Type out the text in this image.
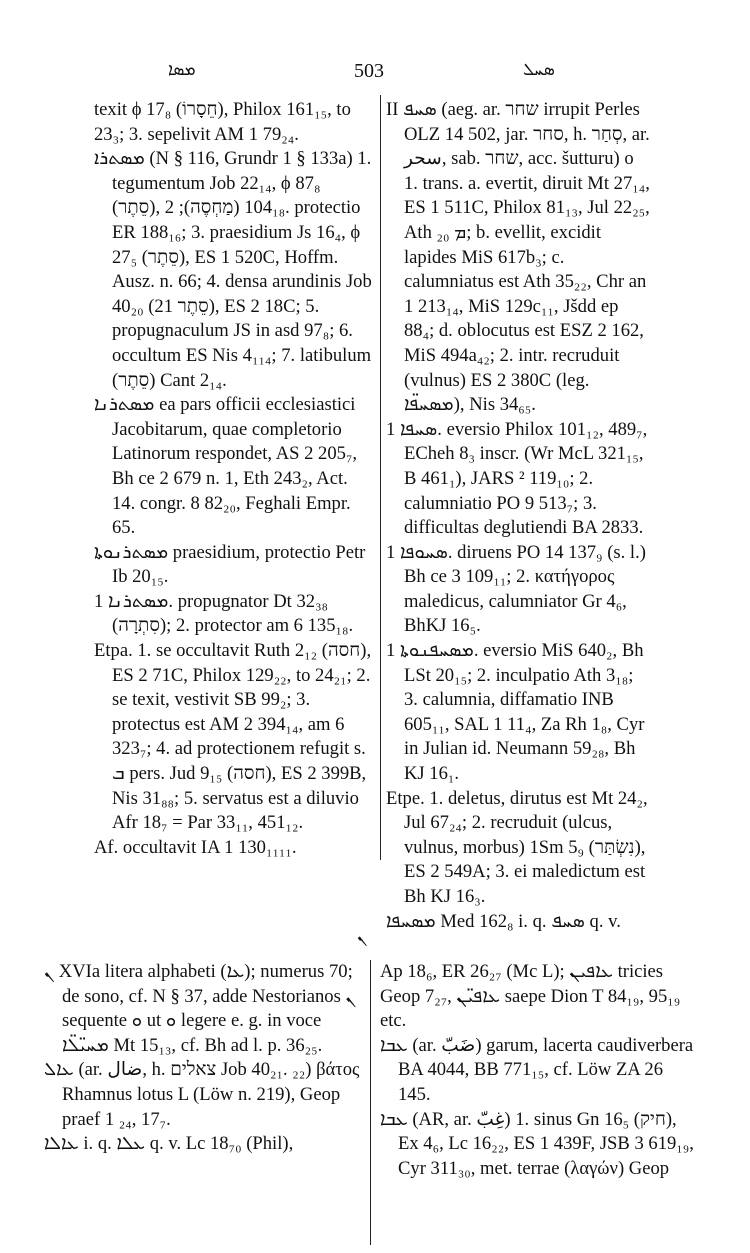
ܡܣܐ	503	ܣܚܠ

texit ϕ 17₈ (חֵסָרוֹ), Philox 161₁₅, to 23₃; 3. sepelivit AM 1 79₂₄.

ܡܣܬܪܐ (N § 116, Grundr 1 § 133a) 1. tegumentum Job 22₁₄, ϕ 87₈ (סֵתֶר), 104₁₈ (מַחְסֶה); 2. protectio ER 188₁₆; 3. praesidium Js 16₄, ϕ 27₅ (סֵתֶר), ES 1 520C, Hoffm. Ausz. n. 66; 4. densa arundinis Job 40₂₀ (21 סֵתֶר), ES 2 18C; 5. propugnaculum JS in asd 97₈; 6. occultum ES Nis 4₁₁₄; 7. latibulum (סֵתֶר) Cant 2₁₄.

ܡܣܬܪܢܐ ea pars officii ecclesiastici Jacobitarum, quae completorio Latinorum respondet, AS 2 205₇, Bh ce 2 679 n. 1, Eth 243₂, Act. 14. congr. 8 82₂₀, Feghali Empr. 65.

ܡܣܬܪܢܘܬܐ praesidium, protectio Petr Ib 20₁₅.

ܡܣܬܪܢܐ 1. propugnator Dt 32₃₈ (סִתְרָה); 2. protector am 6 135₁₈.

Etpa. 1. se occultavit Ruth 2₁₂ (חסה), ES 2 71C, Philox 129₂₂, to 24₂₁; 2. se texit, vestivit SB 99₂; 3. protectus est AM 2 394₁₄, am 6 323₇; 4. ad protectionem refugit s. ܒ pers. Jud 9₁₅ (חסה), ES 2 399B, Nis 31₈₈; 5. servatus est a diluvio Afr 18₇ = Par 33₁₁, 451₁₂.

Af. occultavit IA 1 130₁₁₁₁.

II ܣܚܦ (aeg. ar. שחר irrupit Perles OLZ 14 502, jar. סחר, h. סְחַר, ar. سحر, sab. שחר, acc. šutturu) o 1. trans. a. evertit, diruit Mt 27₁₄, ES 1 511C, Philox 81₁₃, Jul 22₂₅, Ath ܡ ₂₀; b. evellit, excidit lapides MiS 617b₃; c. calumniatus est Ath 35₂₂, Chr an 1 213₁₄, MiS 129c₁₁, Jšdd ep 88₄; d. oblocutus est ESZ 2 162, MiS 494a₄₂; 2. intr. recruduit (vulnus) ES 2 380C (leg. ܡܣܚܦ̈ܐ), Nis 34₆₅.

ܣܚܦܐ 1. eversio Philox 101₁₂, 489₇, ECheh 8₃ inscr. (Wr McL 321₁₅, B 461₁), JARS ² 119₁₀; 2. calumniatio PO 9 513₇; 3. difficultas deglutiendi BA 2833.

ܣܚܘܦܐ 1. diruens PO 14 137₉ (s. l.) Bh ce 3 109₁₁; 2. κατήγορος maledicus, calumniator Gr 4₆, BhKJ 16₅.

ܡܣܚܦܢܘܬܐ 1. eversio MiS 640₂, Bh LSt 20₁₅; 2. inculpatio Ath 3₁₈; 3. calumnia, diffamatio INB 605₁₁, SAL 1 11₄, Za Rh 1₈, Cyr in Julian id. Neumann 59₂₈, Bh KJ 16₁.

Etpe. 1. deletus, dirutus est Mt 24₂, Jul 67₂₄; 2. recruduit (ulcus, vulnus, morbus) 1Sm 5₉ (נִשְׂתַּר), ES 2 549A; 3. ei maledictum est Bh KJ 16₃.

ܡܣܚܦܐ Med 162₈ i. q. ܣܚܦ q. v.

ܢ

ܢ XVIa litera alphabeti (ܥܐ); numerus 70; de sono, cf. N § 37, adde Nestorianos ܢ sequente ܘ ut ܘ legere e. g. in voce ܡܚܝ̈ܠ̈ܐ Mt 15₁₃, cf. Bh ad l. p. 36₂₅.

ܥܐܠ (ar. ضال, h. צאלים Job 40₂₁. ₂₂) βάτος Rhamnus lotus L (Löw n. 219), Geop praef 1 ₂₄, 17₇.

ܥܐܠܐ i. q. ܥܠܐ q. v. Lc 18₇₀ (Phil),

Ap 18₆, ER 26₂₇ (Mc L); ܥܐܦܝܢ tricies Geop 7₂₇, ܥܐܦܝ̈ܢ saepe Dion T 84₁₉, 95₁₉ etc.

ܥܒܐ (ar. ضَبّ) garum, lacerta caudiverbera BA 4044, BB 771₁₅, cf. Löw ZA 26 145.

ܥܒܐ (AR, ar. غِبّ) 1. sinus Gn 16₅ (חיק), Ex 4₆, Lc 16₂₂, ES 1 439F, JSB 3 619₁₉, Cyr 311₃₀, met. terrae (λαγών) Geop
